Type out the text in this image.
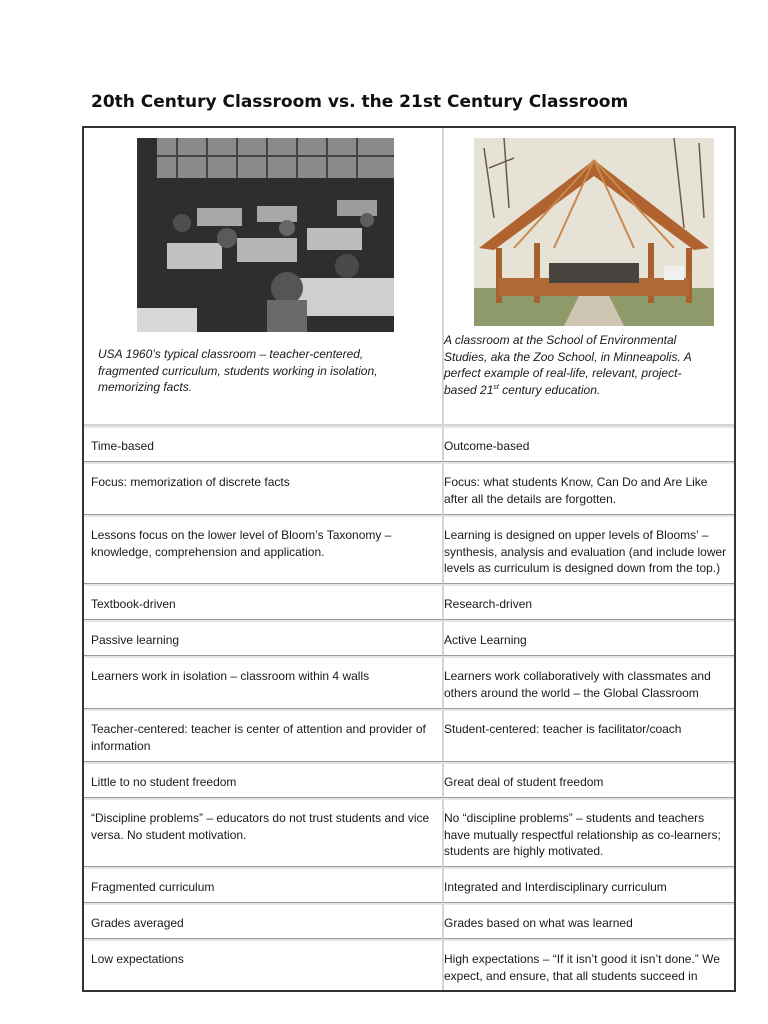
20th Century Classroom vs. the 21st Century Classroom
USA 1960’s typical classroom – teacher-centered, fragmented curriculum, students working in isolation, memorizing facts.	A classroom at the School of Environmental Studies, aka the Zoo School, in Minneapolis. A perfect example of real-life, relevant, project-based 21st century education.

Time-based	Outcome-based
Focus: memorization of discrete facts	Focus: what students Know, Can Do and Are Like after all the details are forgotten.
Lessons focus on the lower level of Bloom’s Taxonomy – knowledge, comprehension and application.	Learning is designed on upper levels of Blooms’ – synthesis, analysis and evaluation (and include lower levels as curriculum is designed down from the top.)
Textbook-driven	Research-driven
Passive learning	Active Learning
Learners work in isolation – classroom within 4 walls	Learners work collaboratively with classmates and others around the world – the Global Classroom
Teacher-centered: teacher is center of attention and provider of information	Student-centered: teacher is facilitator/coach
Little to no student freedom	Great deal of student freedom
“Discipline problems” – educators do not trust students and vice versa. No student motivation.	No “discipline problems” – students and teachers have mutually respectful relationship as co-learners; students are highly motivated.
Fragmented curriculum	Integrated and Interdisciplinary curriculum
Grades averaged	Grades based on what was learned
Low expectations	High expectations – “If it isn’t good it isn’t done.” We expect, and ensure, that all students succeed in
